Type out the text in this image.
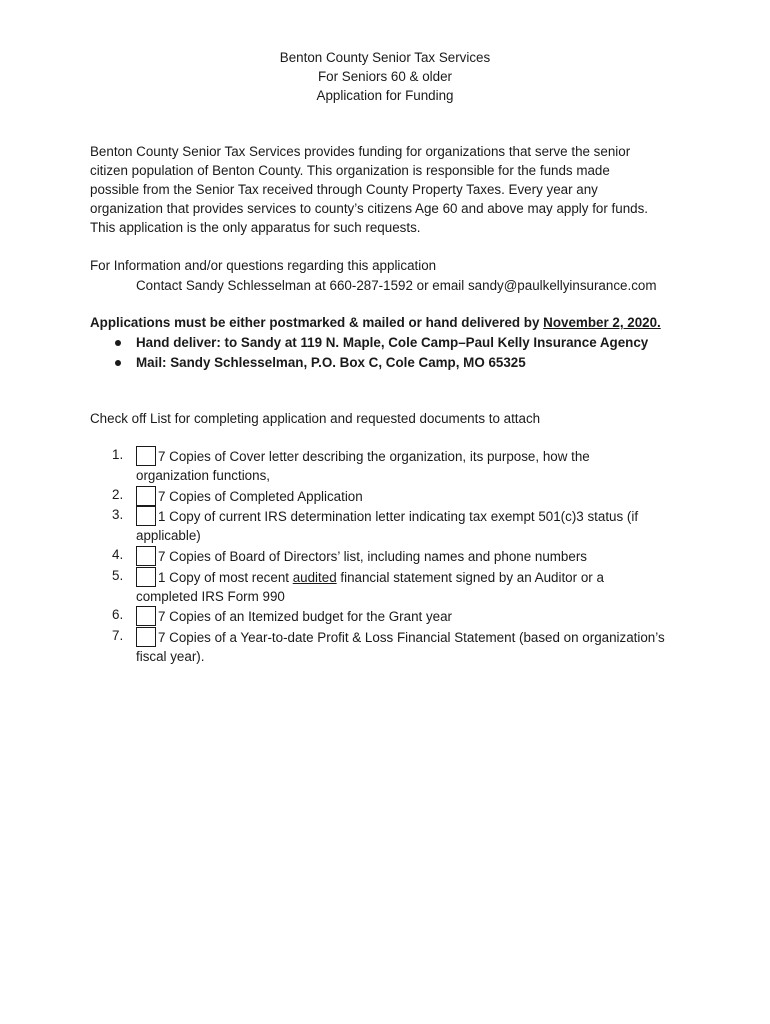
Benton County Senior Tax Services
For Seniors 60 & older
Application for Funding
Benton County Senior Tax Services provides funding for organizations that serve the senior
citizen population of Benton County. This organization is responsible for the funds made
possible from the Senior Tax received through County Property Taxes. Every year any
organization that provides services to county’s citizens Age 60 and above may apply for funds.
This application is the only apparatus for such requests.
For Information and/or questions regarding this application
Contact Sandy Schlesselman at 660-287-1592 or email sandy@paulkellyinsurance.com
Applications must be either postmarked & mailed or hand delivered by November 2, 2020.
Hand deliver: to Sandy at 119 N. Maple, Cole Camp–Paul Kelly Insurance Agency
Mail: Sandy Schlesselman, P.O. Box C, Cole Camp, MO 65325
Check off List for completing application and requested documents to attach
1.	7 Copies of Cover letter describing the organization, its purpose, how the
organization functions,
2.	7 Copies of Completed Application
3.	1 Copy of current IRS determination letter indicating tax exempt 501(c)3 status (if
applicable)
4.	7 Copies of Board of Directors’ list, including names and phone numbers
5.	1 Copy of most recent audited financial statement signed by an Auditor or a
completed IRS Form 990
6.	7 Copies of an Itemized budget for the Grant year
7.	7 Copies of a Year-to-date Profit & Loss Financial Statement (based on organization’s
fiscal year).
